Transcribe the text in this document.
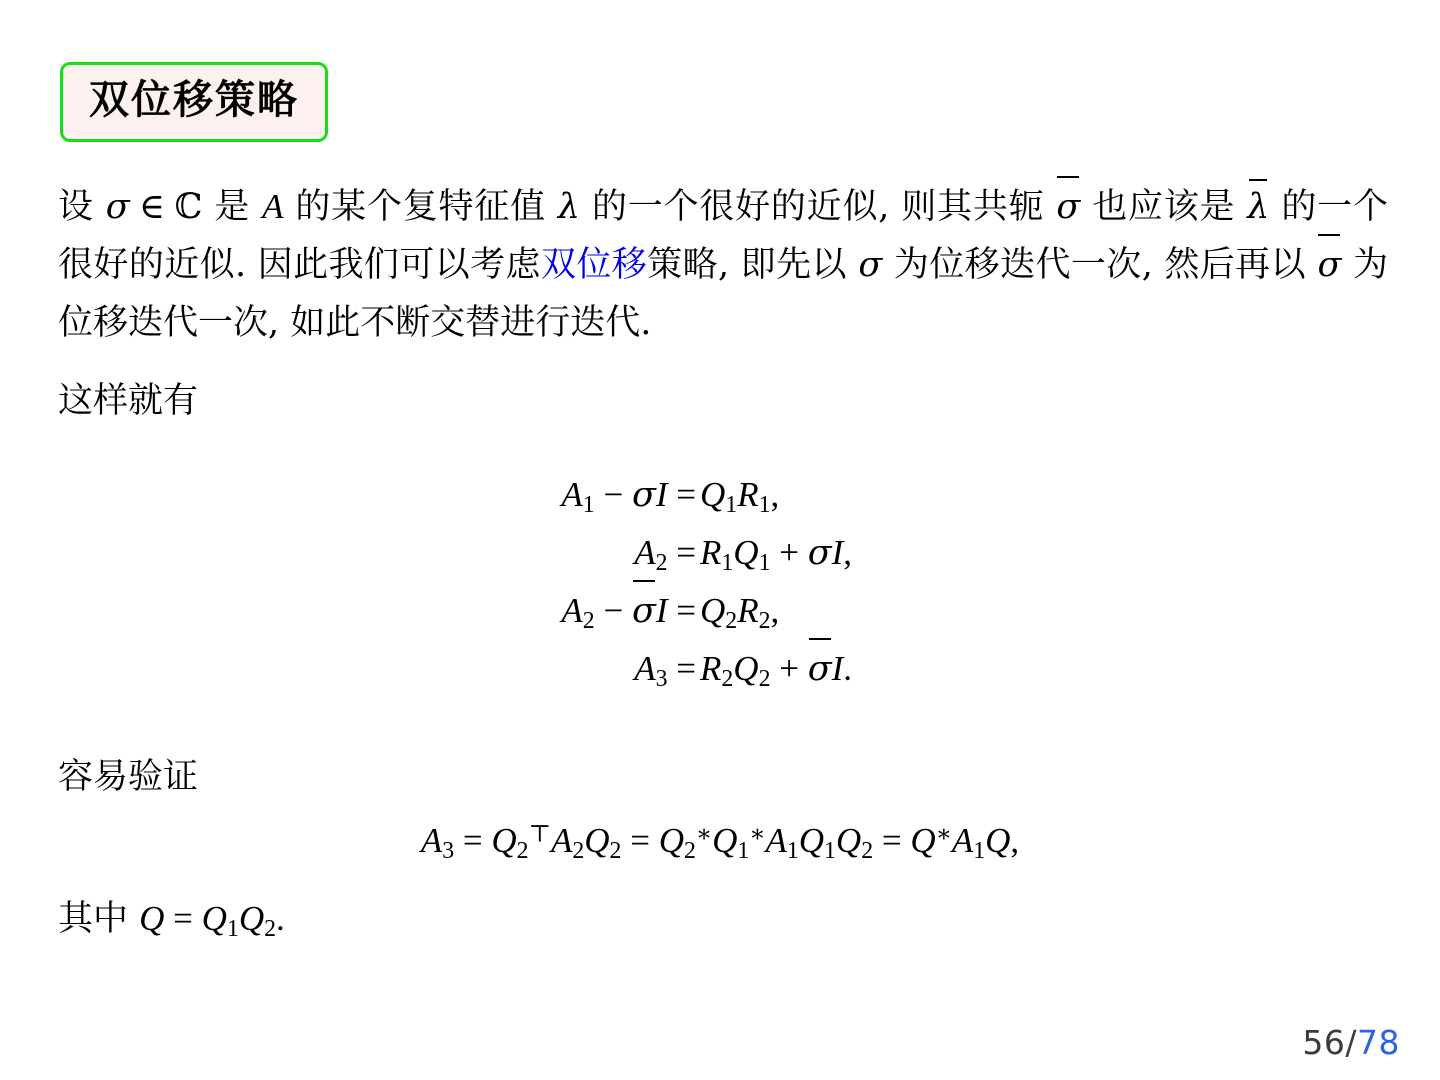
双位移策略
设 σ ∈ ℂ 是 A 的某个复特征值 λ 的一个很好的近似, 则其共轭 σ 也应该是 λ 的一个很好的近似. 因此我们可以考虑双位移策略, 即先以 σ 为位移迭代一次, 然后再以 σ 为位移迭代一次, 如此不断交替进行迭代.
这样就有
$A_1 - \sigma I = Q_1R_1$,
$A_2 = R_1Q_1 + \sigma I$,
$A_2 - \sigma I = Q_2R_2$,
$A_3 = R_2Q_2 + \sigma I$.
容易验证
$A_3 = Q_2^⊤A_2Q_2 = Q_2^∗Q_1^∗A_1Q_1Q_2 = Q^∗A_1Q$,
其中 $Q = Q_1Q_2$.
56/78
